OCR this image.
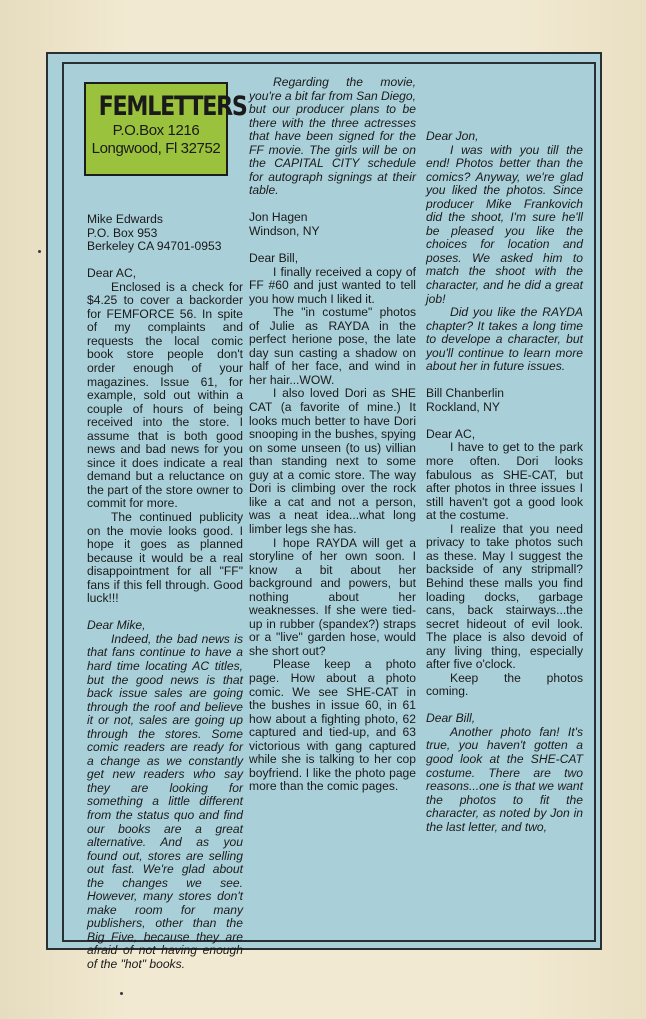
FEMLETTERS
P.O.Box 1216
Longwood, Fl 32752
Mike Edwards
P.O. Box 953
Berkeley CA 94701-0953

Dear AC,

Enclosed is a check for $4.25 to cover a backorder for FEMFORCE 56. In spite of my complaints and requests the local comic book store people don't order enough of your magazines. Issue 61, for example, sold out within a couple of hours of being received into the store. I assume that is both good news and bad news for you since it does indicate a real demand but a reluctance on the part of the store owner to commit for more.

The continued publicity on the movie looks good. I hope it goes as planned because it would be a real disappointment for all "FF" fans if this fell through. Good luck!!!

Dear Mike,

Indeed, the bad news is that fans continue to have a hard time locating AC titles, but the good news is that back issue sales are going through the roof and believe it or not, sales are going up through the stores. Some comic readers are ready for a change as we constantly get new readers who say they are looking for something a little different from the status quo and find our books are a great alternative. And as you found out, stores are selling out fast. We're glad about the changes we see. However, many stores don't make room for many publishers, other than the Big Five, because they are afraid of not having enough of the "hot" books.

Regarding the movie, you're a bit far from San Diego, but our producer plans to be there with the three actresses that have been signed for the FF movie. The girls will be on the CAPITAL CITY schedule for autograph signings at their table.

Jon Hagen
Windson, NY

Dear Bill,

I finally received a copy of FF #60 and just wanted to tell you how much I liked it.

The "in costume" photos of Julie as RAYDA in the perfect herione pose, the late day sun casting a shadow on half of her face, and wind in her hair...WOW.

I also loved Dori as SHE CAT (a favorite of mine.) It looks much better to have Dori snooping in the bushes, spying on some unseen (to us) villian than standing next to some guy at a comic store. The way Dori is climbing over the rock like a cat and not a person, was a neat idea...what long limber legs she has.

I hope RAYDA will get a storyline of her own soon. I know a bit about her background and powers, but nothing about her weaknesses. If she were tied-up in rubber (spandex?) straps or a "live" garden hose, would she short out?

Please keep a photo page. How about a photo comic. We see SHE-CAT in the bushes in issue 60, in 61 how about a fighting photo, 62 captured and tied-up, and 63 victorious with gang captured while she is talking to her cop boyfriend. I like the photo page more than the comic pages.

Dear Jon,

I was with you till the end! Photos better than the comics? Anyway, we're glad you liked the photos. Since producer Mike Frankovich did the shoot, I'm sure he'll be pleased you like the choices for location and poses. We asked him to match the shoot with the character, and he did a great job!

Did you like the RAYDA chapter? It takes a long time to develope a character, but you'll continue to learn more about her in future issues.

Bill Chanberlin
Rockland, NY

Dear AC,

I have to get to the park more often. Dori looks fabulous as SHE-CAT, but after photos in three issues I still haven't got a good look at the costume.

I realize that you need privacy to take photos such as these. May I suggest the backside of any stripmall? Behind these malls you find loading docks, garbage cans, back stairways...the secret hideout of evil look. The place is also devoid of any living thing, especially after five o'clock.

Keep the photos coming.

Dear Bill,

Another photo fan! It's true, you haven't gotten a good look at the SHE-CAT costume. There are two reasons...one is that we want the photos to fit the character, as noted by Jon in the last letter, and two,
